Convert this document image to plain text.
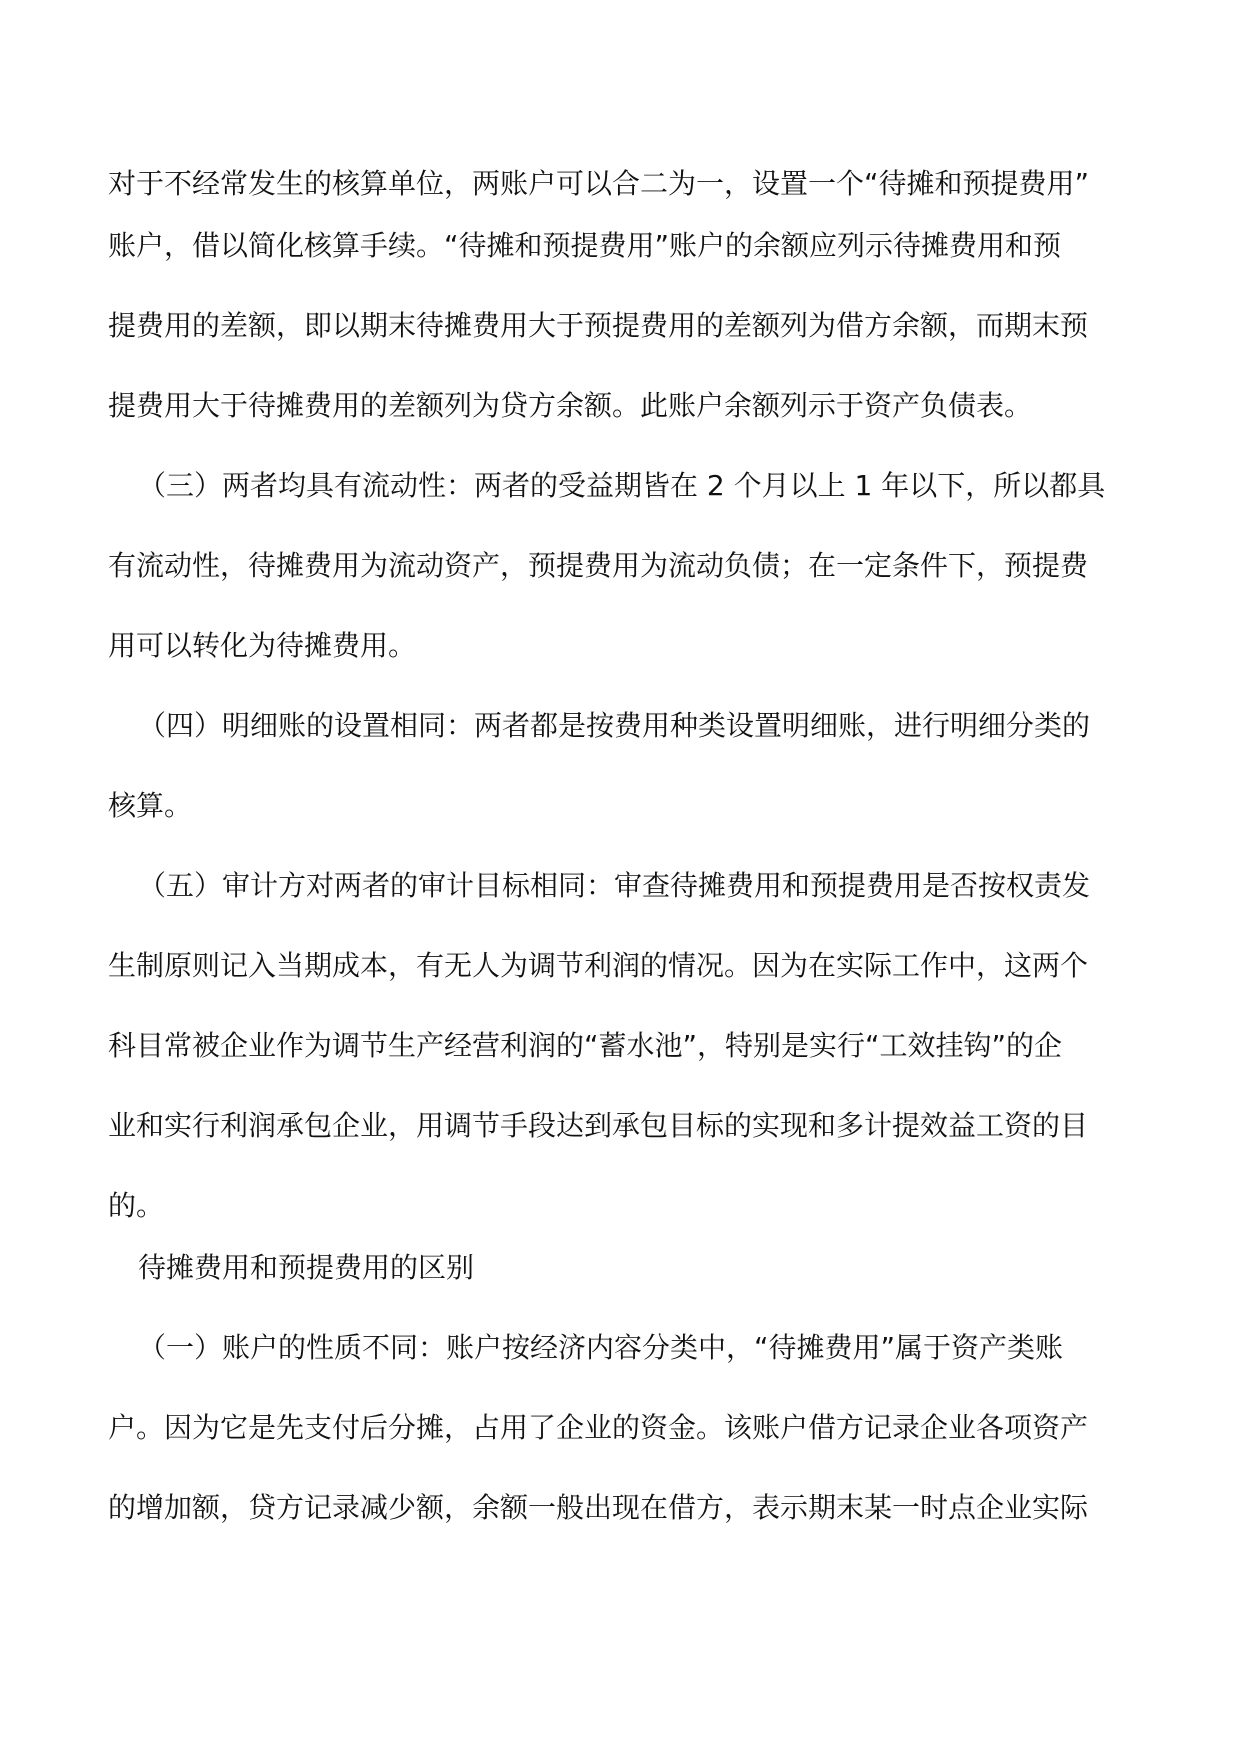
对于不经常发生的核算单位，两账户可以合二为一，设置一个“待摊和预提费用”

账户，借以简化核算手续。“待摊和预提费用”账户的余额应列示待摊费用和预

提费用的差额，即以期末待摊费用大于预提费用的差额列为借方余额，而期末预

提费用大于待摊费用的差额列为贷方余额。此账户余额列示于资产负债表。

（三）两者均具有流动性：两者的受益期皆在 2 个月以上 1 年以下，所以都具

有流动性，待摊费用为流动资产，预提费用为流动负债；在一定条件下，预提费

用可以转化为待摊费用。

（四）明细账的设置相同：两者都是按费用种类设置明细账，进行明细分类的

核算。

（五）审计方对两者的审计目标相同：审查待摊费用和预提费用是否按权责发

生制原则记入当期成本，有无人为调节利润的情况。因为在实际工作中，这两个

科目常被企业作为调节生产经营利润的“蓄水池”，特别是实行“工效挂钩”的企

业和实行利润承包企业，用调节手段达到承包目标的实现和多计提效益工资的目

的。

待摊费用和预提费用的区别

（一）账户的性质不同：账户按经济内容分类中，“待摊费用”属于资产类账

户。因为它是先支付后分摊，占用了企业的资金。该账户借方记录企业各项资产

的增加额，贷方记录减少额，余额一般出现在借方，表示期末某一时点企业实际
